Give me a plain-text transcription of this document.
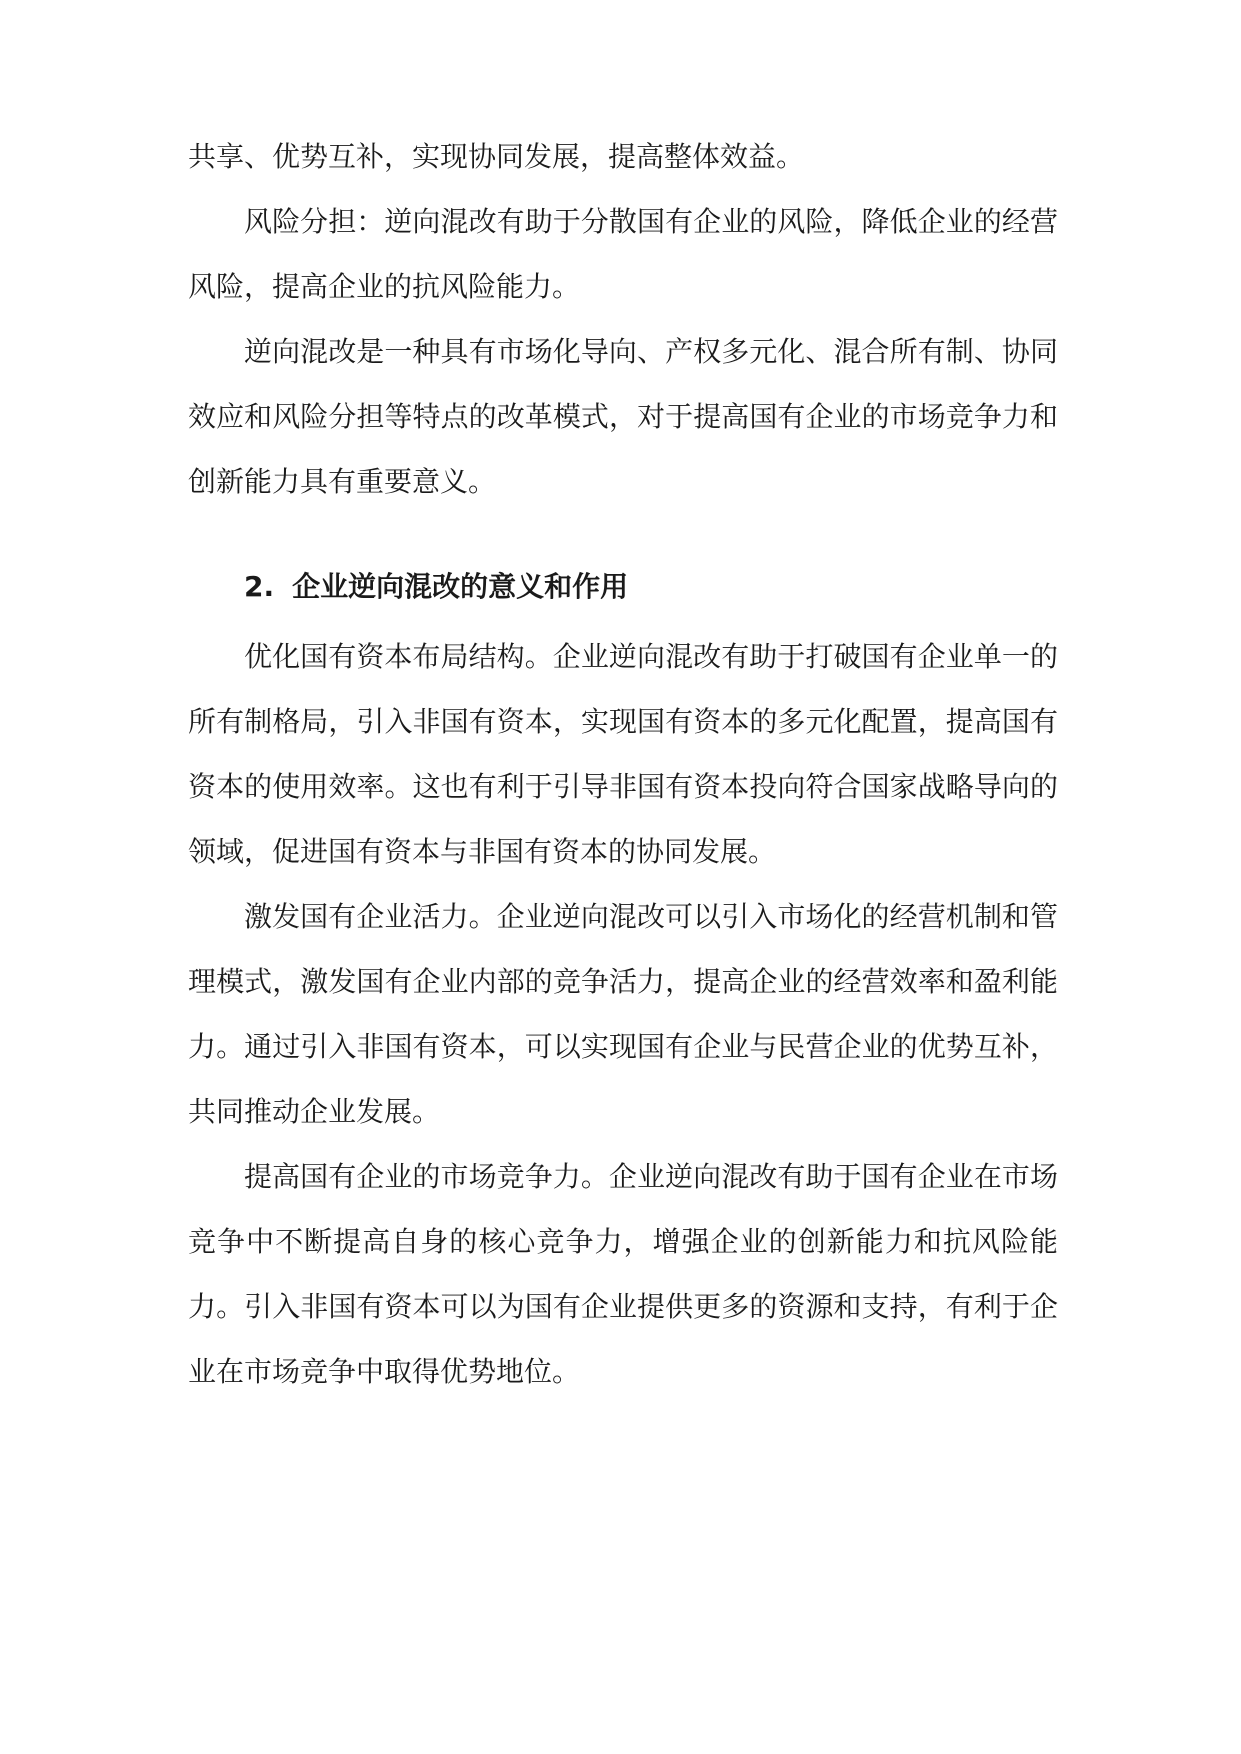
共享、优势互补，实现协同发展，提高整体效益。

风险分担：逆向混改有助于分散国有企业的风险，降低企业的经营风险，提高企业的抗风险能力。

逆向混改是一种具有市场化导向、产权多元化、混合所有制、协同效应和风险分担等特点的改革模式，对于提高国有企业的市场竞争力和创新能力具有重要意义。

2. 企业逆向混改的意义和作用

优化国有资本布局结构。企业逆向混改有助于打破国有企业单一的所有制格局，引入非国有资本，实现国有资本的多元化配置，提高国有资本的使用效率。这也有利于引导非国有资本投向符合国家战略导向的领域，促进国有资本与非国有资本的协同发展。

激发国有企业活力。企业逆向混改可以引入市场化的经营机制和管理模式，激发国有企业内部的竞争活力，提高企业的经营效率和盈利能力。通过引入非国有资本，可以实现国有企业与民营企业的优势互补，共同推动企业发展。

提高国有企业的市场竞争力。企业逆向混改有助于国有企业在市场竞争中不断提高自身的核心竞争力，增强企业的创新能力和抗风险能力。引入非国有资本可以为国有企业提供更多的资源和支持，有利于企业在市场竞争中取得优势地位。
